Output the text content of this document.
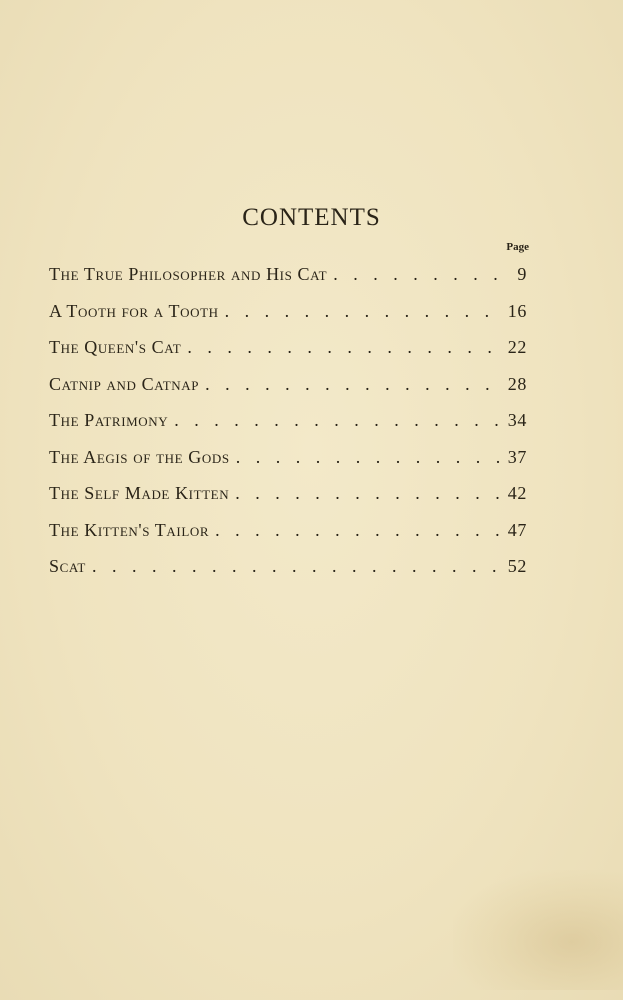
CONTENTS

Page

The True Philosopher and His Cat . . .	9
A Tooth for a Tooth . . .	16
The Queen's Cat . . .	22
Catnip and Catnap . . .	28
The Patrimony . . .	34
The Aegis of the Gods . . .	37
The Self Made Kitten . . .	42
The Kitten's Tailor . . .	47
Scat . . .	52
